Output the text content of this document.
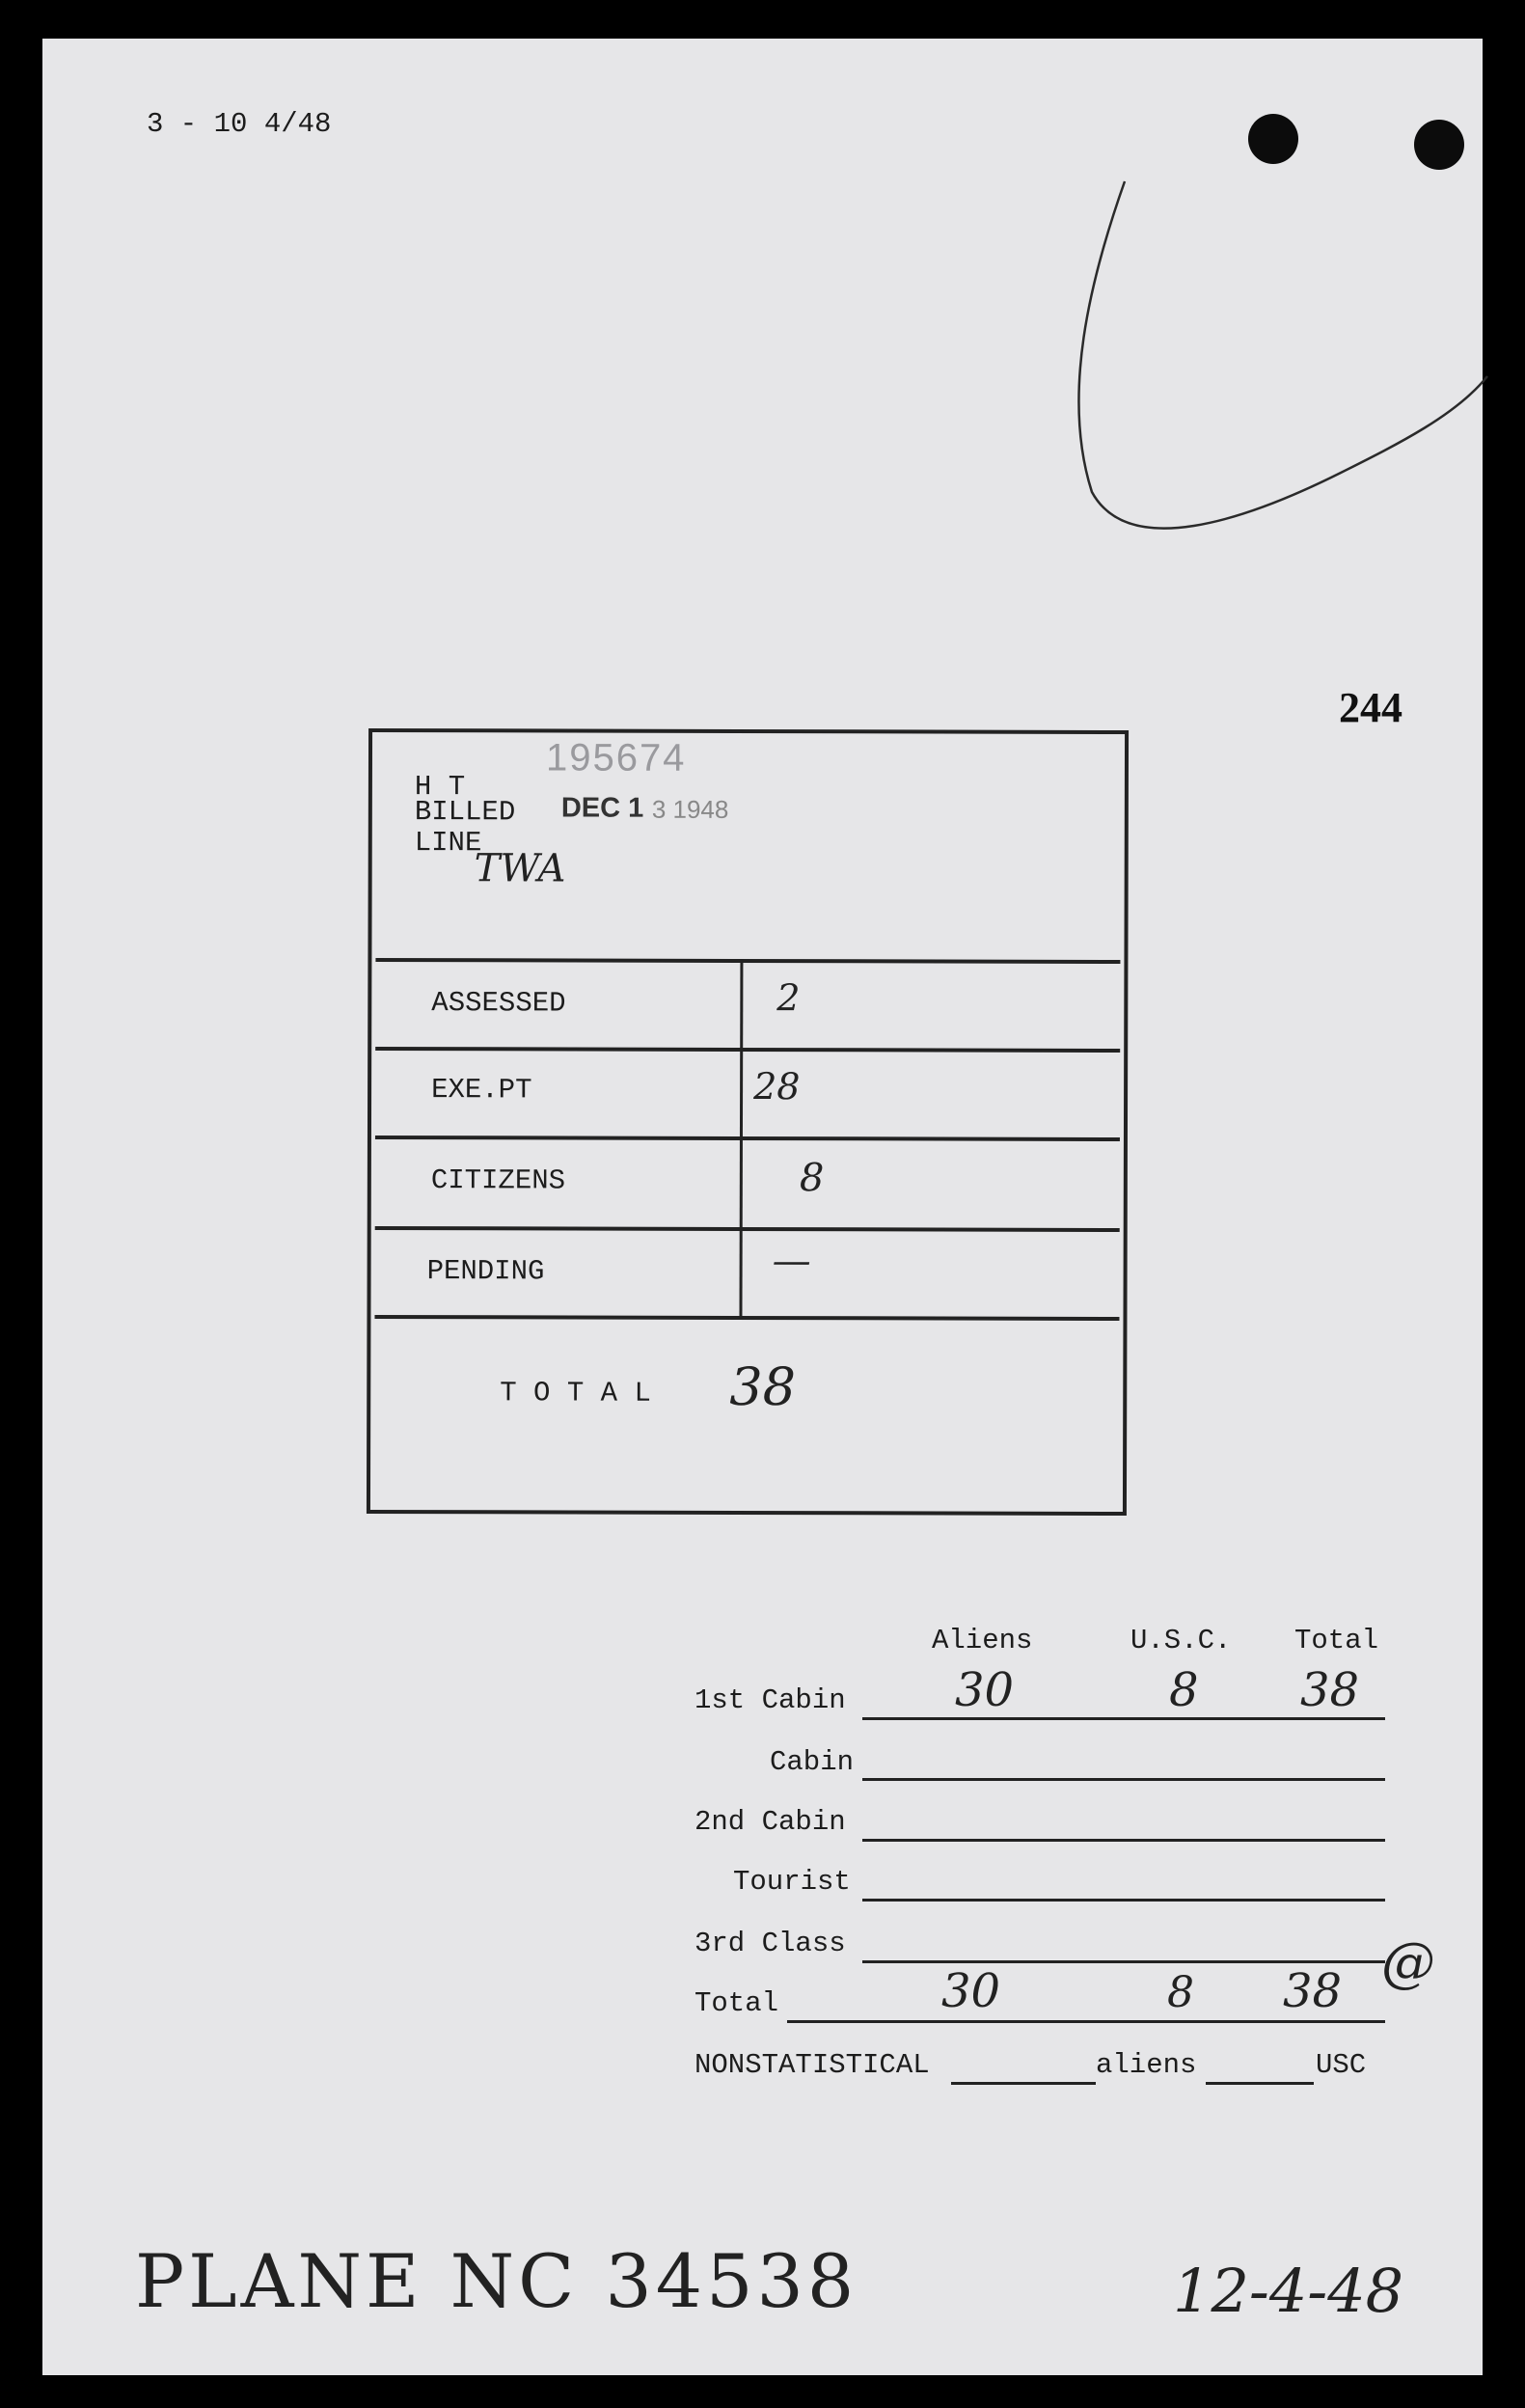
3 - 10 4/48
244
195674
H T
BILLED DEC 1 3 1948
LINE
TWA
ASSESSED	2
EXE.PT	28
CITIZENS	8
PENDING	—
T O T A L 38
Aliens	U.S.C. Total
1st Cabin 30	8 38
Cabin
2nd Cabin
Tourist
3rd Class
Total	30	8 38 @
NONSTATISTICAL	aliens	USC
PLANE NC 34538	12-4-48
